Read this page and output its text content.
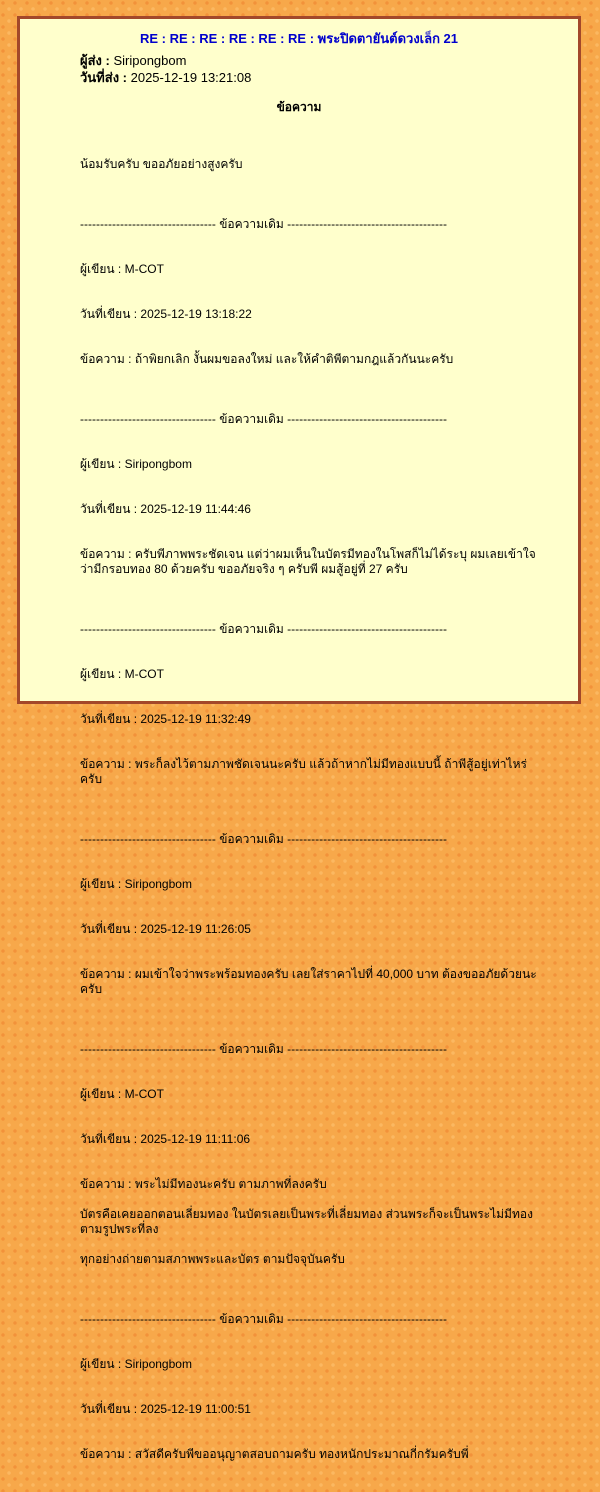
RE : RE : RE : RE : RE : RE : พระปิดตายันต์ดวงเล็ก 21
ผู้ส่ง : Siripongbom
วันที่ส่ง : 2025-12-19 13:21:08
ข้อความ

น้อมรับครับ ขออภัยอย่างสูงครับ

---------------------------------- ข้อความเดิม ----------------------------------------

ผู้เขียน : M-COT

วันที่เขียน : 2025-12-19 13:18:22

ข้อความ : ถ้าพิยกเลิก งั้นผมขอลงใหม่ และให้คำติพีตามกฎแล้วกันนะครับ

---------------------------------- ข้อความเดิม ----------------------------------------

ผู้เขียน : Siripongbom

วันที่เขียน : 2025-12-19 11:44:46

ข้อความ : ครับพีภาพพระชัดเจน แต่ว่าผมเห็นในบัตรมีทองในโพสก็ไม่ได้ระบุ ผมเลยเข้าใจว่ามีกรอบทอง 80 ด้วยครับ ขออภัยจริง ๆ ครับพี ผมสู้อยู่ที่ 27 ครับ

---------------------------------- ข้อความเดิม ----------------------------------------

ผู้เขียน : M-COT

วันที่เขียน : 2025-12-19 11:32:49

ข้อความ : พระก็ลงไว้ตามภาพชัดเจนนะครับ แล้วถ้าหากไม่มีทองแบบนี้ ถ้าพีสู้อยู่เท่าไหร่ครับ

---------------------------------- ข้อความเดิม ----------------------------------------

ผู้เขียน : Siripongbom

วันที่เขียน : 2025-12-19 11:26:05

ข้อความ : ผมเข้าใจว่าพระพร้อมทองครับ เลยใส่ราคาไปที่ 40,000 บาท ต้องขออภัยด้วยนะครับ

---------------------------------- ข้อความเดิม ----------------------------------------

ผู้เขียน : M-COT

วันที่เขียน : 2025-12-19 11:11:06

ข้อความ : พระไม่มีทองนะครับ ตามภาพที่ลงครับ

บัตรคือเคยออกตอนเลี่ยมทอง ในบัตรเลยเป็นพระที่เลี่ยมทอง ส่วนพระก็จะเป็นพระไม่มีทองตามรูปพระที่ลง

ทุกอย่างถ่ายตามสภาพพระและบัตร ตามปัจจุบันครับ

---------------------------------- ข้อความเดิม ----------------------------------------

ผู้เขียน : Siripongbom

วันที่เขียน : 2025-12-19 11:00:51

ข้อความ : สวัสดีครับพีขออนุญาตสอบถามครับ ทองหนักประมาณกี่กรัมครับพี่
